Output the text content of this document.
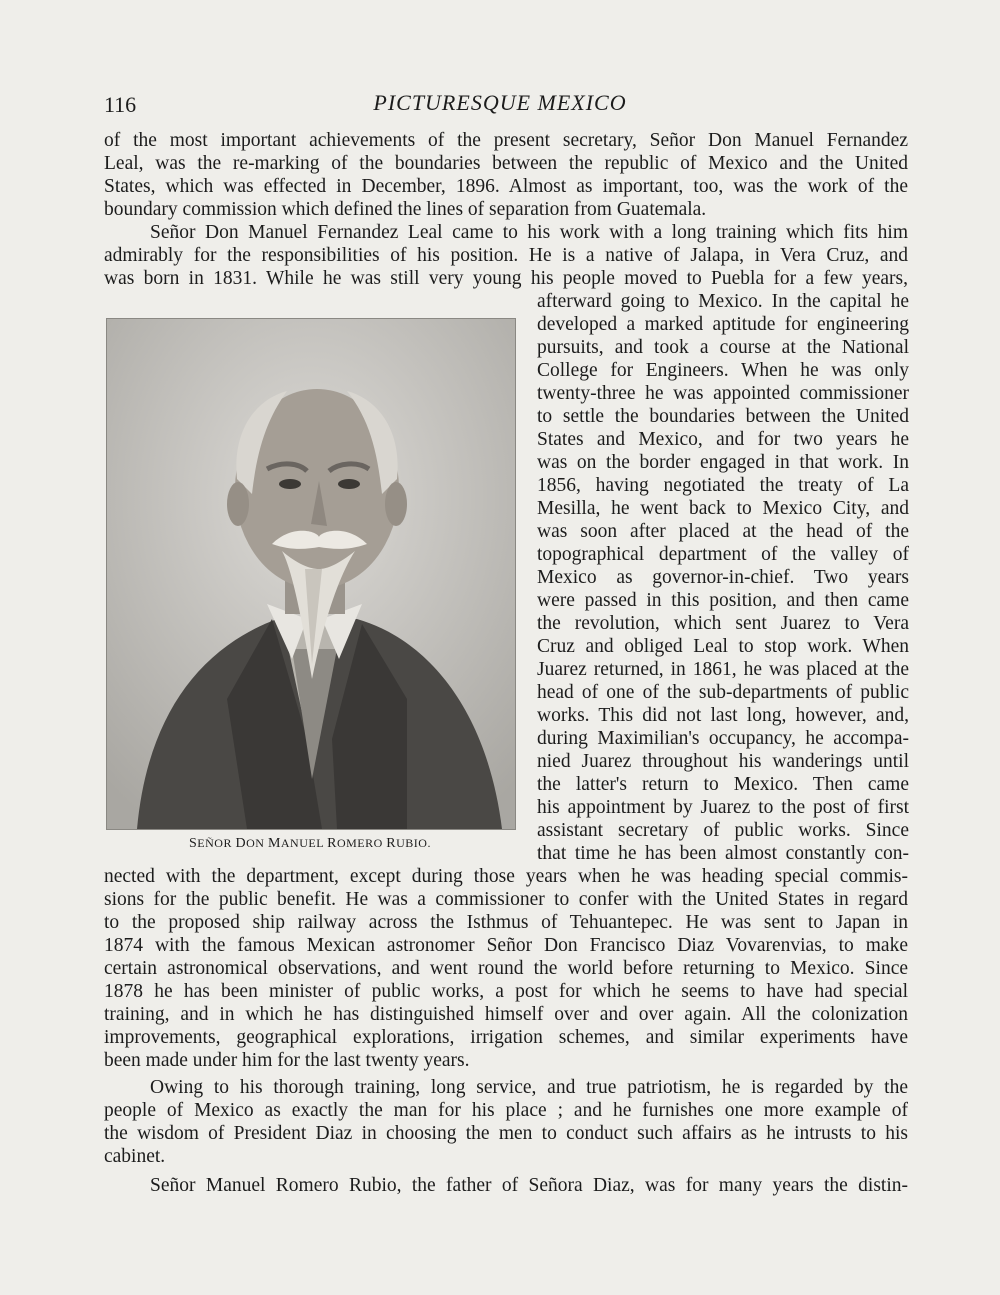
116	PICTURESQUE MEXICO
of the most important achievements of the present secretary, Señor Don Manuel Fernandez
Leal, was the re-marking of the boundaries between the republic of Mexico and the United
States, which was effected in December, 1896. Almost as important, too, was the work of the
boundary commission which defined the lines of separation from Guatemala.
Señor Don Manuel Fernandez Leal came to his work with a long training which fits him
admirably for the responsibilities of his position. He is a native of Jalapa, in Vera Cruz, and
was born in 1831. While he was still very young his people moved to Puebla for a few years,
afterward going to Mexico. In the capital he
developed a marked aptitude for engineering
pursuits, and took a course at the National
College for Engineers. When he was only
twenty-three he was appointed commissioner
to settle the boundaries between the United
States and Mexico, and for two years he
was on the border engaged in that work. In
1856, having negotiated the treaty of La
Mesilla, he went back to Mexico City, and
was soon after placed at the head of the
topographical department of the valley of
Mexico as governor-in-chief. Two years
were passed in this position, and then came
the revolution, which sent Juarez to Vera
Cruz and obliged Leal to stop work. When
Juarez returned, in 1861, he was placed at the
head of one of the sub-departments of public
works. This did not last long, however, and,
during Maximilian's occupancy, he accompa-
nied Juarez throughout his wanderings until
the latter's return to Mexico. Then came
his appointment by Juarez to the post of first
assistant secretary of public works. Since
that time he has been almost constantly con-
nected with the department, except during those years when he was heading special commis-
sions for the public benefit. He was a commissioner to confer with the United States in regard
to the proposed ship railway across the Isthmus of Tehuantepec. He was sent to Japan in
1874 with the famous Mexican astronomer Señor Don Francisco Diaz Vovarenvias, to make
certain astronomical observations, and went round the world before returning to Mexico. Since
1878 he has been minister of public works, a post for which he seems to have had special
training, and in which he has distinguished himself over and over again. All the colonization
improvements, geographical explorations, irrigation schemes, and similar experiments have
been made under him for the last twenty years.
Owing to his thorough training, long service, and true patriotism, he is regarded by the
people of Mexico as exactly the man for his place ; and he furnishes one more example of
the wisdom of President Diaz in choosing the men to conduct such affairs as he intrusts to his
cabinet.
Señor Manuel Romero Rubio, the father of Señora Diaz, was for many years the distin-
SEÑOR DON MANUEL ROMERO RUBIO.
